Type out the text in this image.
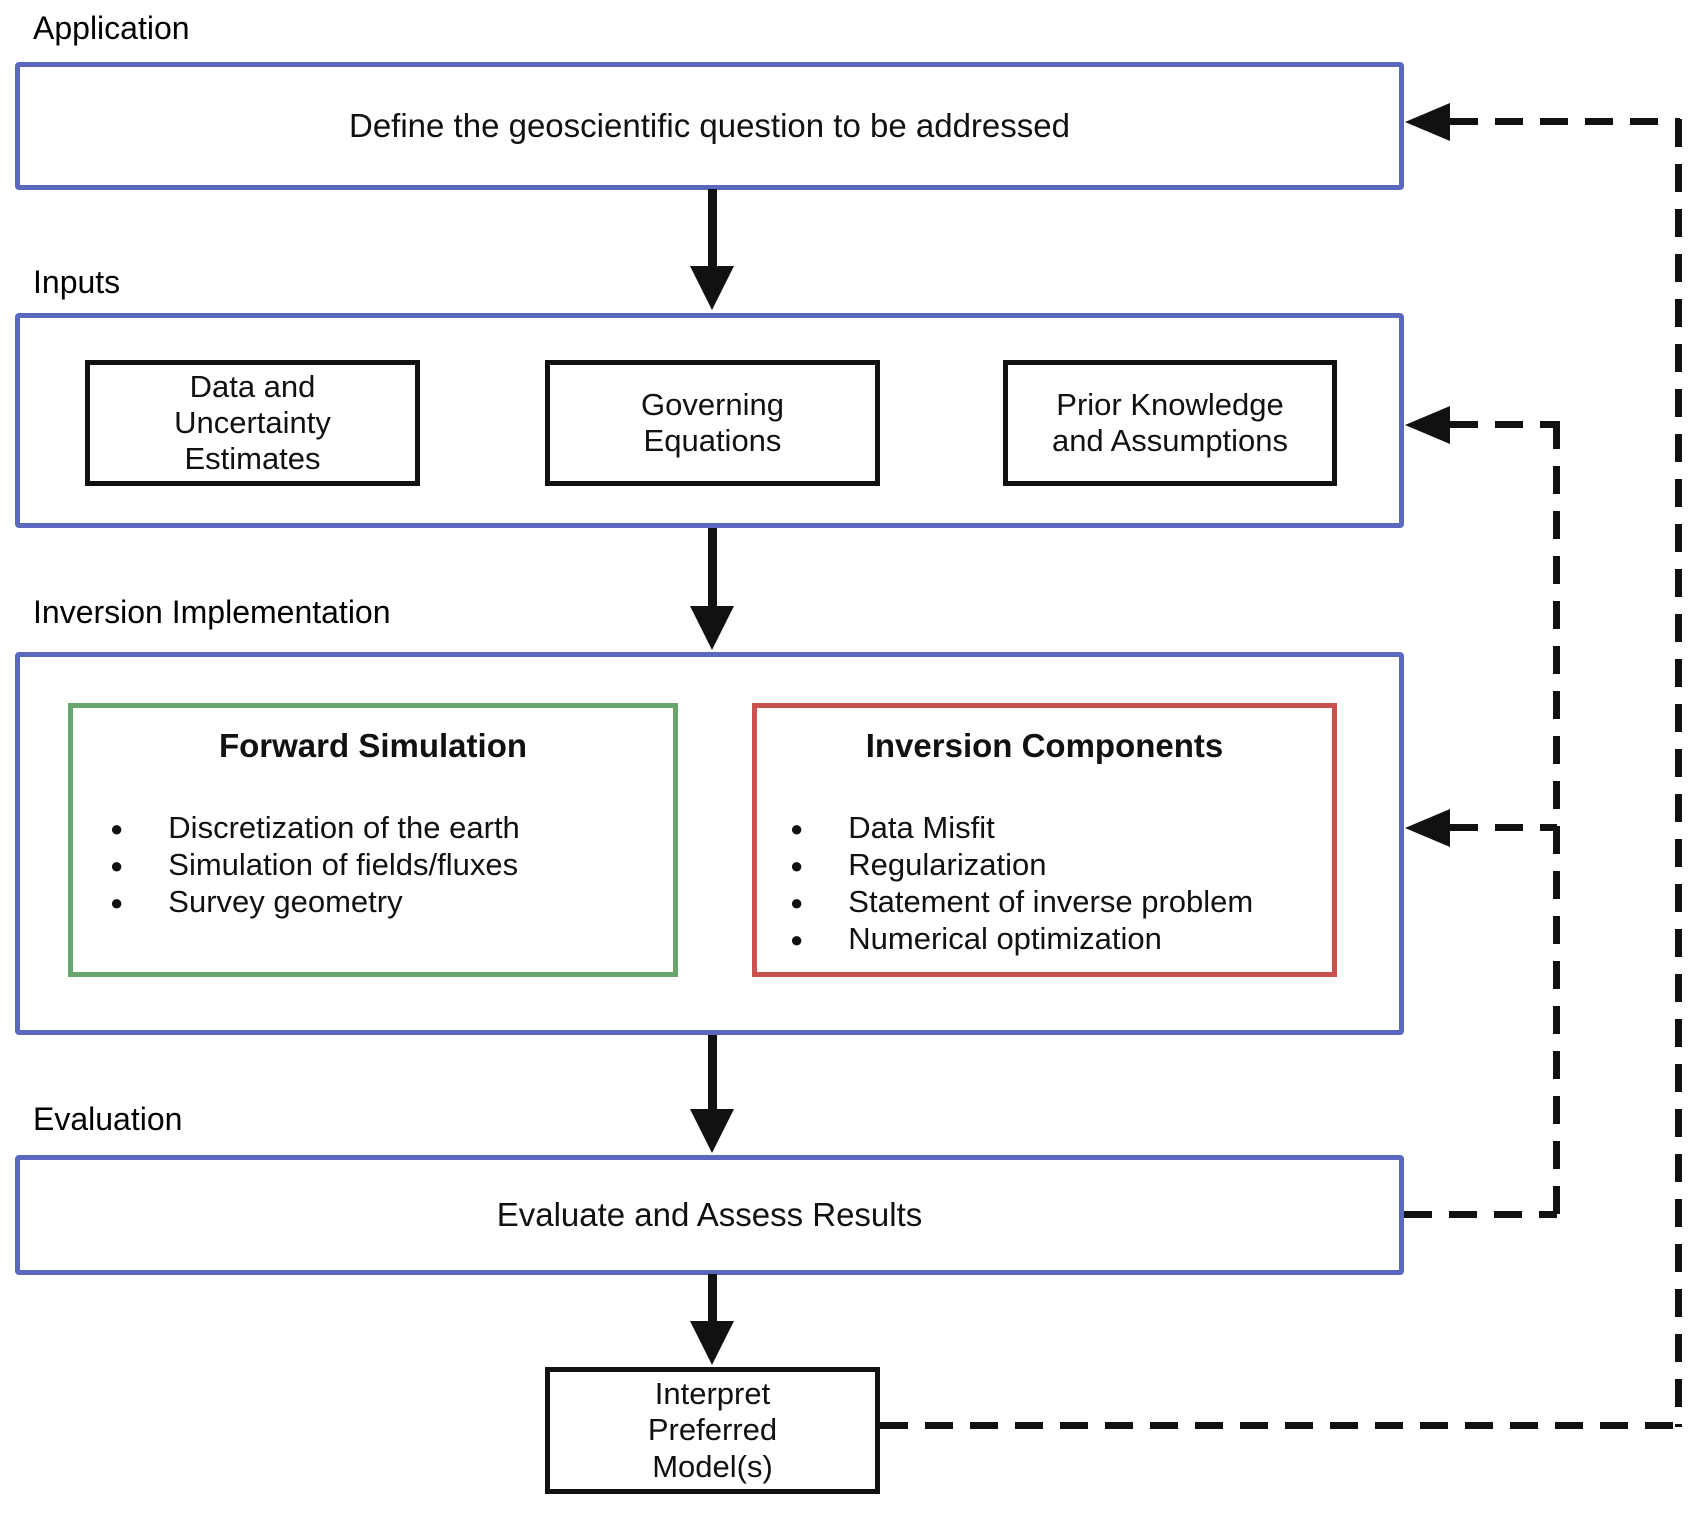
Application
Inputs
Inversion Implementation
Evaluation
Define the geoscientific question to be addressed
Data and Uncertainty Estimates
Governing Equations
Prior Knowledge and Assumptions
Forward Simulation
● Discretization of the earth
● Simulation of fields/fluxes
● Survey geometry
Inversion Components
● Data Misfit
● Regularization
● Statement of inverse problem
● Numerical optimization
Evaluate and Assess Results
Interpret Preferred Model(s)
